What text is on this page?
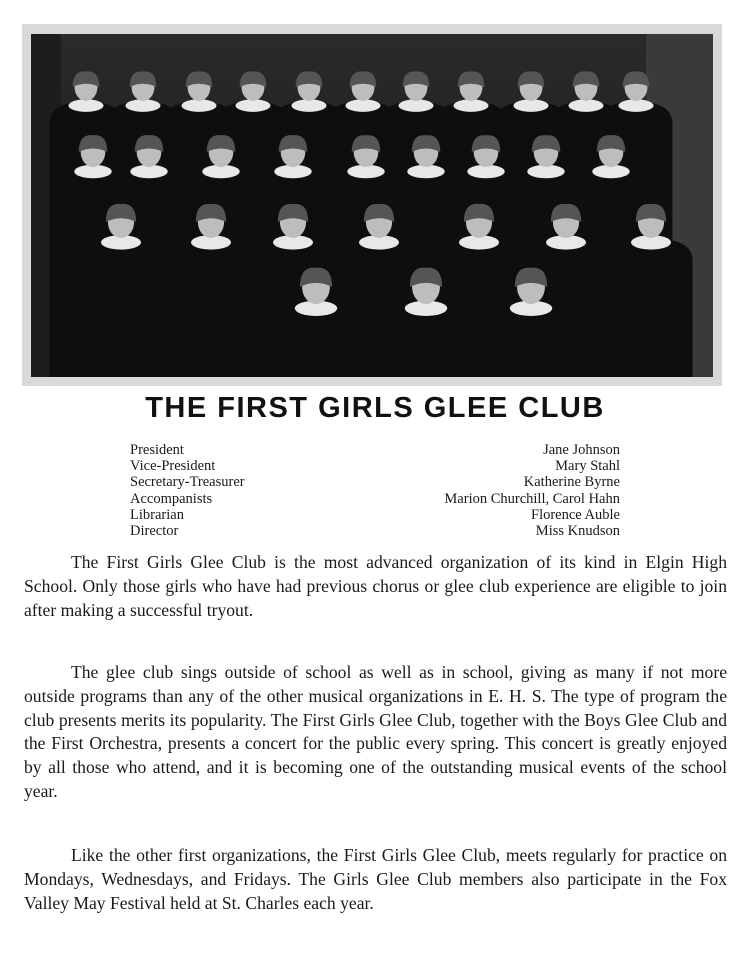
THE FIRST GIRLS GLEE CLUB
President	Jane Johnson
Vice-President	Mary Stahl
Secretary-Treasurer	Katherine Byrne
Accompanists	Marion Churchill, Carol Hahn
Librarian	Florence Auble
Director	Miss Knudson

The First Girls Glee Club is the most advanced organization of its kind in Elgin High School. Only those girls who have had previous chorus or glee club experience are eligible to join after making a successful tryout.

The glee club sings outside of school as well as in school, giving as many if not more outside programs than any of the other musical organizations in E. H. S. The type of program the club presents merits its popularity. The First Girls Glee Club, together with the Boys Glee Club and the First Orchestra, presents a concert for the public every spring. This concert is greatly enjoyed by all those who attend, and it is becoming one of the outstanding musical events of the school year.

Like the other first organizations, the First Girls Glee Club, meets regularly for practice on Mondays, Wednesdays, and Fridays. The Girls Glee Club members also participate in the Fox Valley May Festival held at St. Charles each year.
